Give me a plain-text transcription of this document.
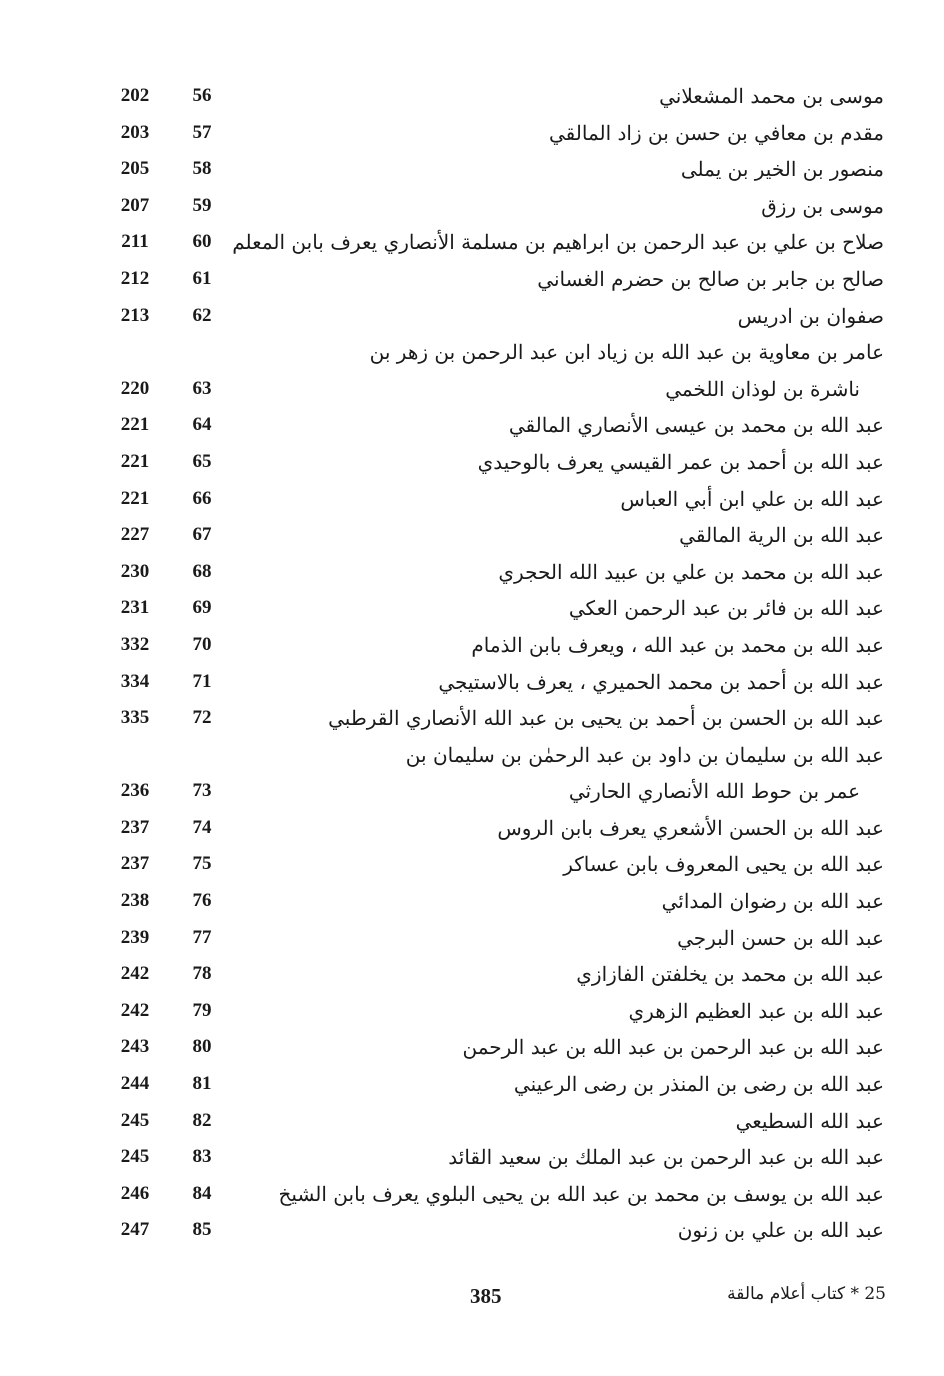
موسى بن محمد المشعلاني
56
202
مقدم بن معافي بن حسن بن زاد المالقي
57
203
منصور بن الخير بن يملى
58
205
موسى بن رزق
59
207
صلاح بن علي بن عبد الرحمن بن ابراهيم بن مسلمة الأنصاري يعرف بابن المعلم
60
211
صالح بن جابر بن صالح بن حضرم الغساني
61
212
صفوان بن ادريس
62
213
عامر بن معاوية بن عبد الله بن زياد ابن عبد الرحمن بن زهر بن
ناشرة بن لوذان اللخمي
63
220
عبد الله بن محمد بن عيسى الأنصاري المالقي
64
221
عبد الله بن أحمد بن عمر القيسي يعرف بالوحيدي
65
221
عبد الله بن علي ابن أبي العباس
66
221
عبد الله بن الرية المالقي
67
227
عبد الله بن محمد بن علي بن عبيد الله الحجري
68
230
عبد الله بن فائر بن عبد الرحمن العكي
69
231
عبد الله بن محمد بن عبد الله ، ويعرف بابن الذمام
70
332
عبد الله بن أحمد بن محمد الحميري ، يعرف بالاستيجي
71
334
عبد الله بن الحسن بن أحمد بن يحيى بن عبد الله الأنصاري القرطبي
72
335
عبد الله بن سليمان بن داود بن عبد الرحمٰن بن سليمان بن
عمر بن حوط الله الأنصاري الحارثي
73
236
عبد الله بن الحسن الأشعري يعرف بابن الروس
74
237
عبد الله بن يحيى المعروف بابن عساكر
75
237
عبد الله بن رضوان المدائي
76
238
عبد الله بن حسن البرجي
77
239
عبد الله بن محمد بن يخلفتن الفازازي
78
242
عبد الله بن عبد العظيم الزهري
79
242
عبد الله بن عبد الرحمن بن عبد الله بن عبد الرحمن
80
243
عبد الله بن رضى بن المنذر بن رضى الرعيني
81
244
عبد الله السطيعي
82
245
عبد الله بن عبد الرحمن بن عبد الملك بن سعيد القائد
83
245
عبد الله بن يوسف بن محمد بن عبد الله بن يحيى البلوي يعرف بابن الشيخ
84
246
عبد الله بن علي بن زنون
85
247
385	25 * كتاب أعلام مالقة
